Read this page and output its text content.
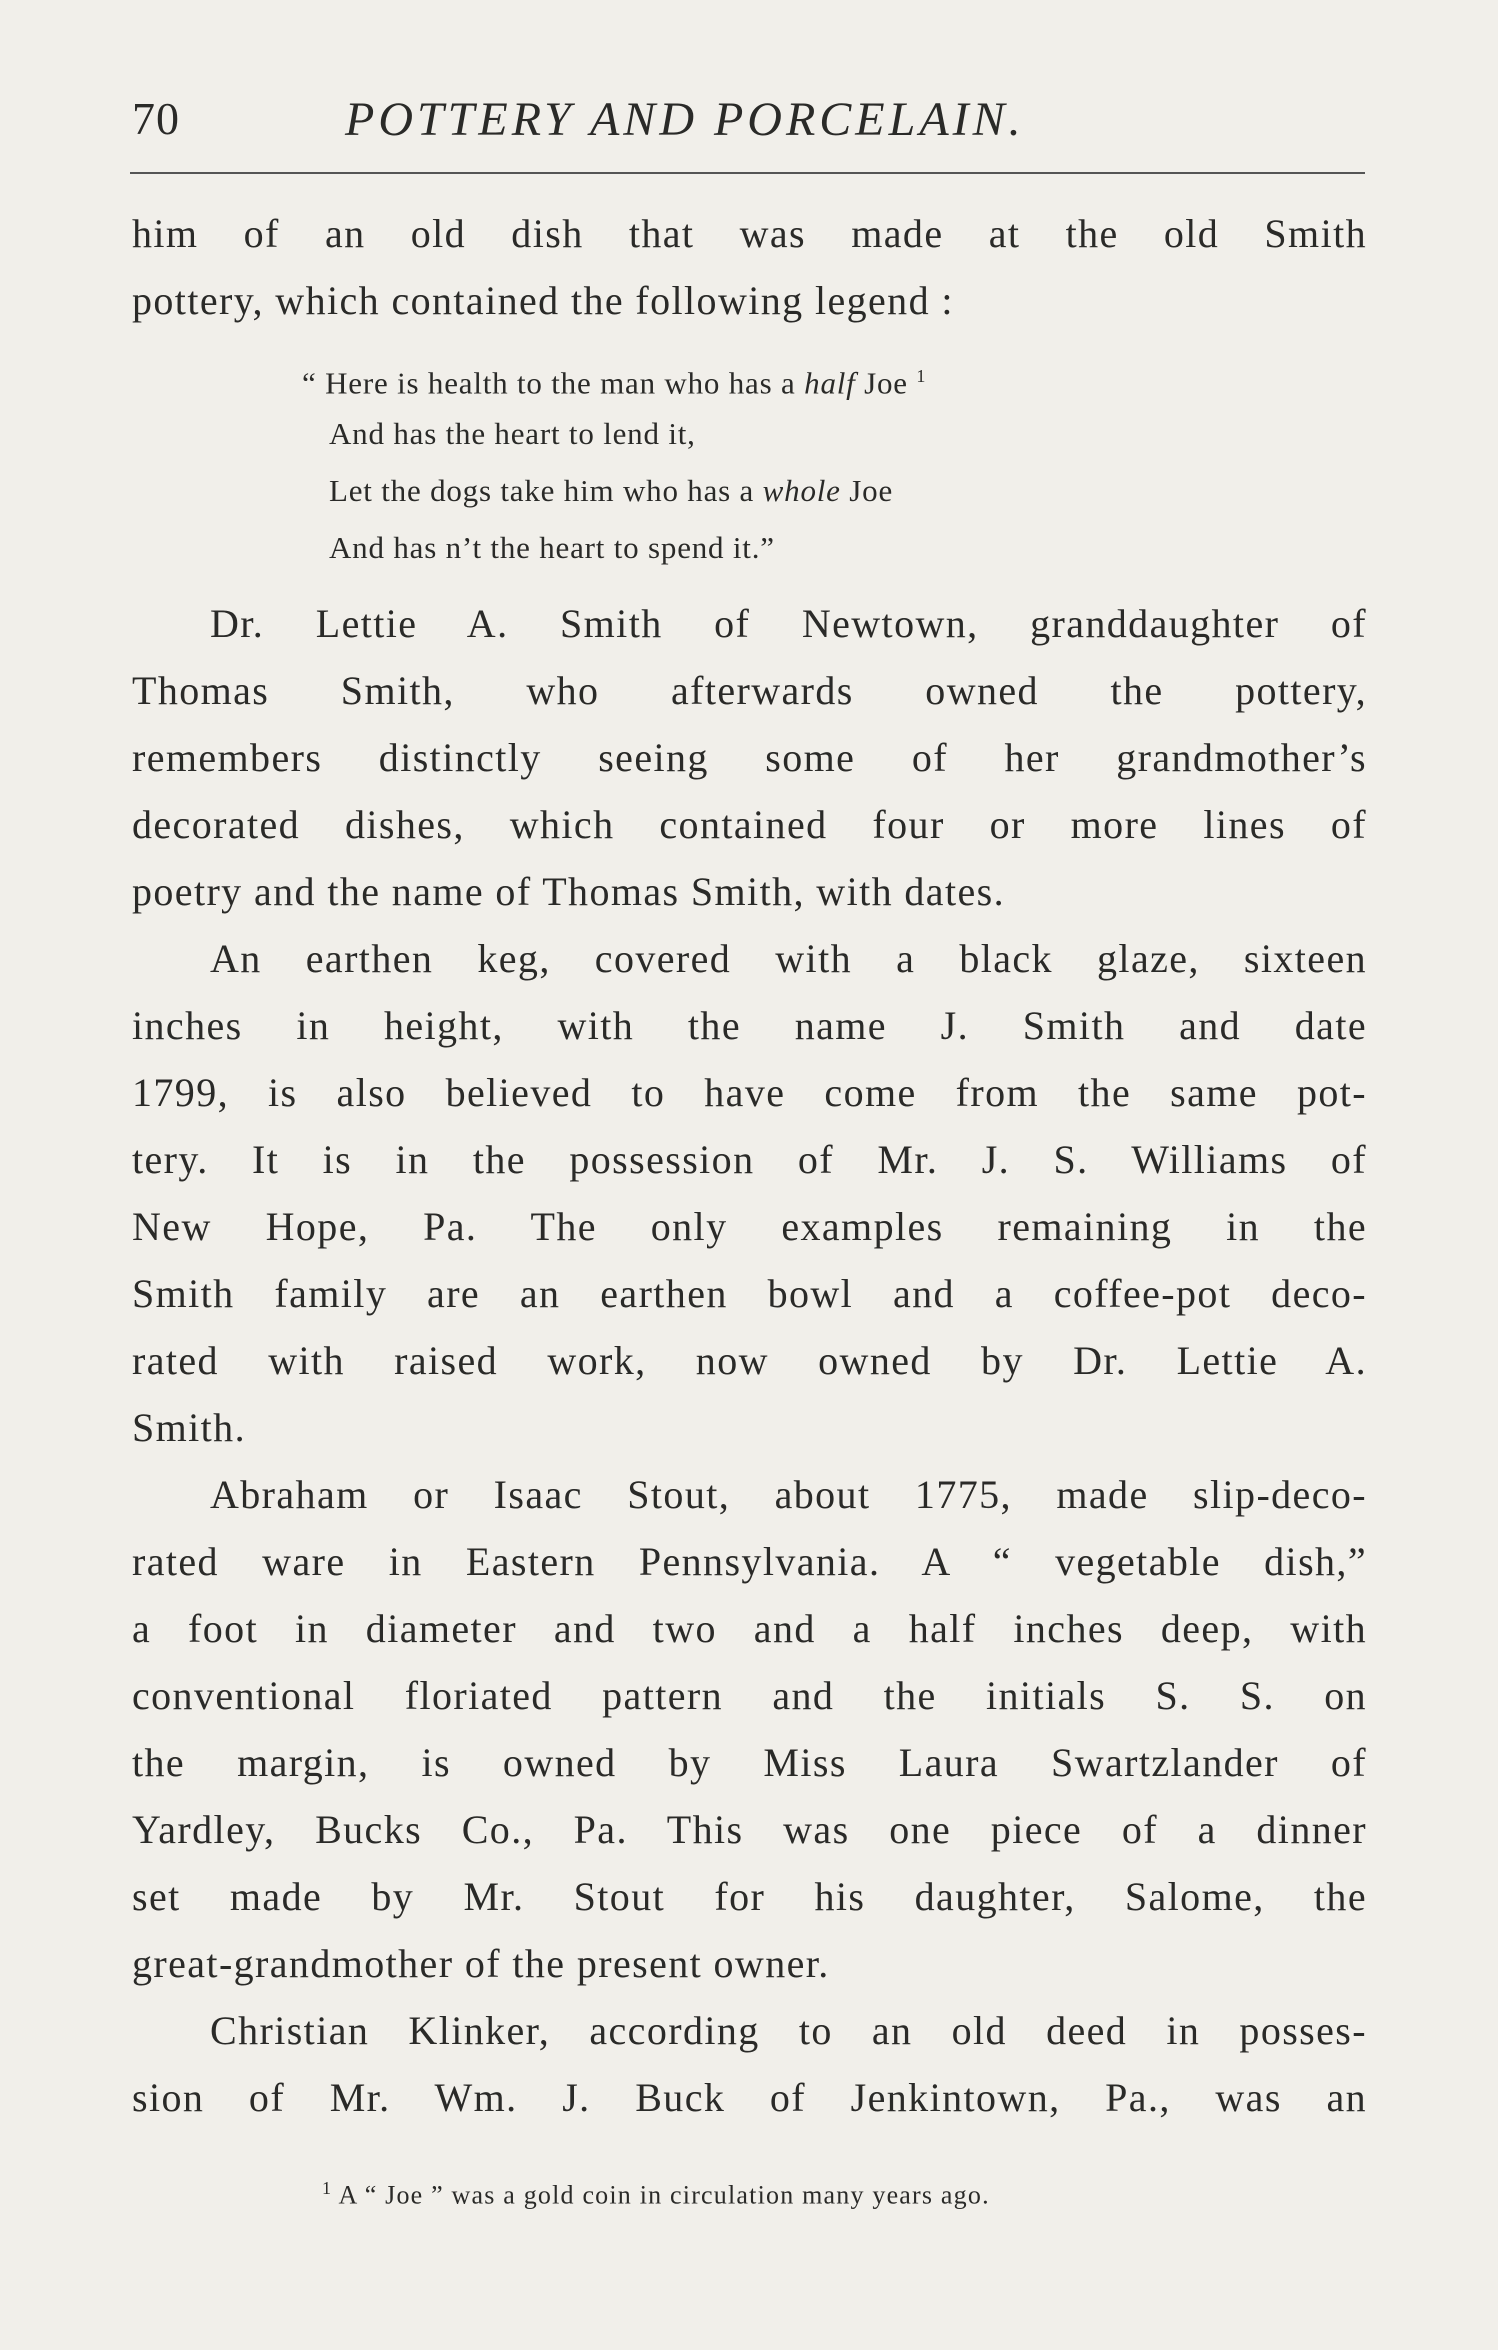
70	POTTERY AND PORCELAIN.
him of an old dish that was made at the old Smith
pottery, which contained the following legend :
“ Here is health to the man who has a half Joe $^1$
And has the heart to lend it,
Let the dogs take him who has a whole Joe
And has n’t the heart to spend it.”
Dr. Lettie A. Smith of Newtown, granddaughter of
Thomas Smith, who afterwards owned the pottery,
remembers distinctly seeing some of her grandmother’s
decorated dishes, which contained four or more lines of
poetry and the name of Thomas Smith, with dates.
An earthen keg, covered with a black glaze, sixteen
inches in height, with the name J. Smith and date
1799, is also believed to have come from the same pot-
tery. It is in the possession of Mr. J. S. Williams of
New Hope, Pa. The only examples remaining in the
Smith family are an earthen bowl and a coffee-pot deco-
rated with raised work, now owned by Dr. Lettie A.
Smith.
Abraham or Isaac Stout, about 1775, made slip-deco-
rated ware in Eastern Pennsylvania. A “ vegetable dish,”
a foot in diameter and two and a half inches deep, with
conventional floriated pattern and the initials S. S. on
the margin, is owned by Miss Laura Swartzlander of
Yardley, Bucks Co., Pa. This was one piece of a dinner
set made by Mr. Stout for his daughter, Salome, the
great-grandmother of the present owner.
Christian Klinker, according to an old deed in posses-
sion of Mr. Wm. J. Buck of Jenkintown, Pa., was an
$^1$ A “ Joe ” was a gold coin in circulation many years ago.
